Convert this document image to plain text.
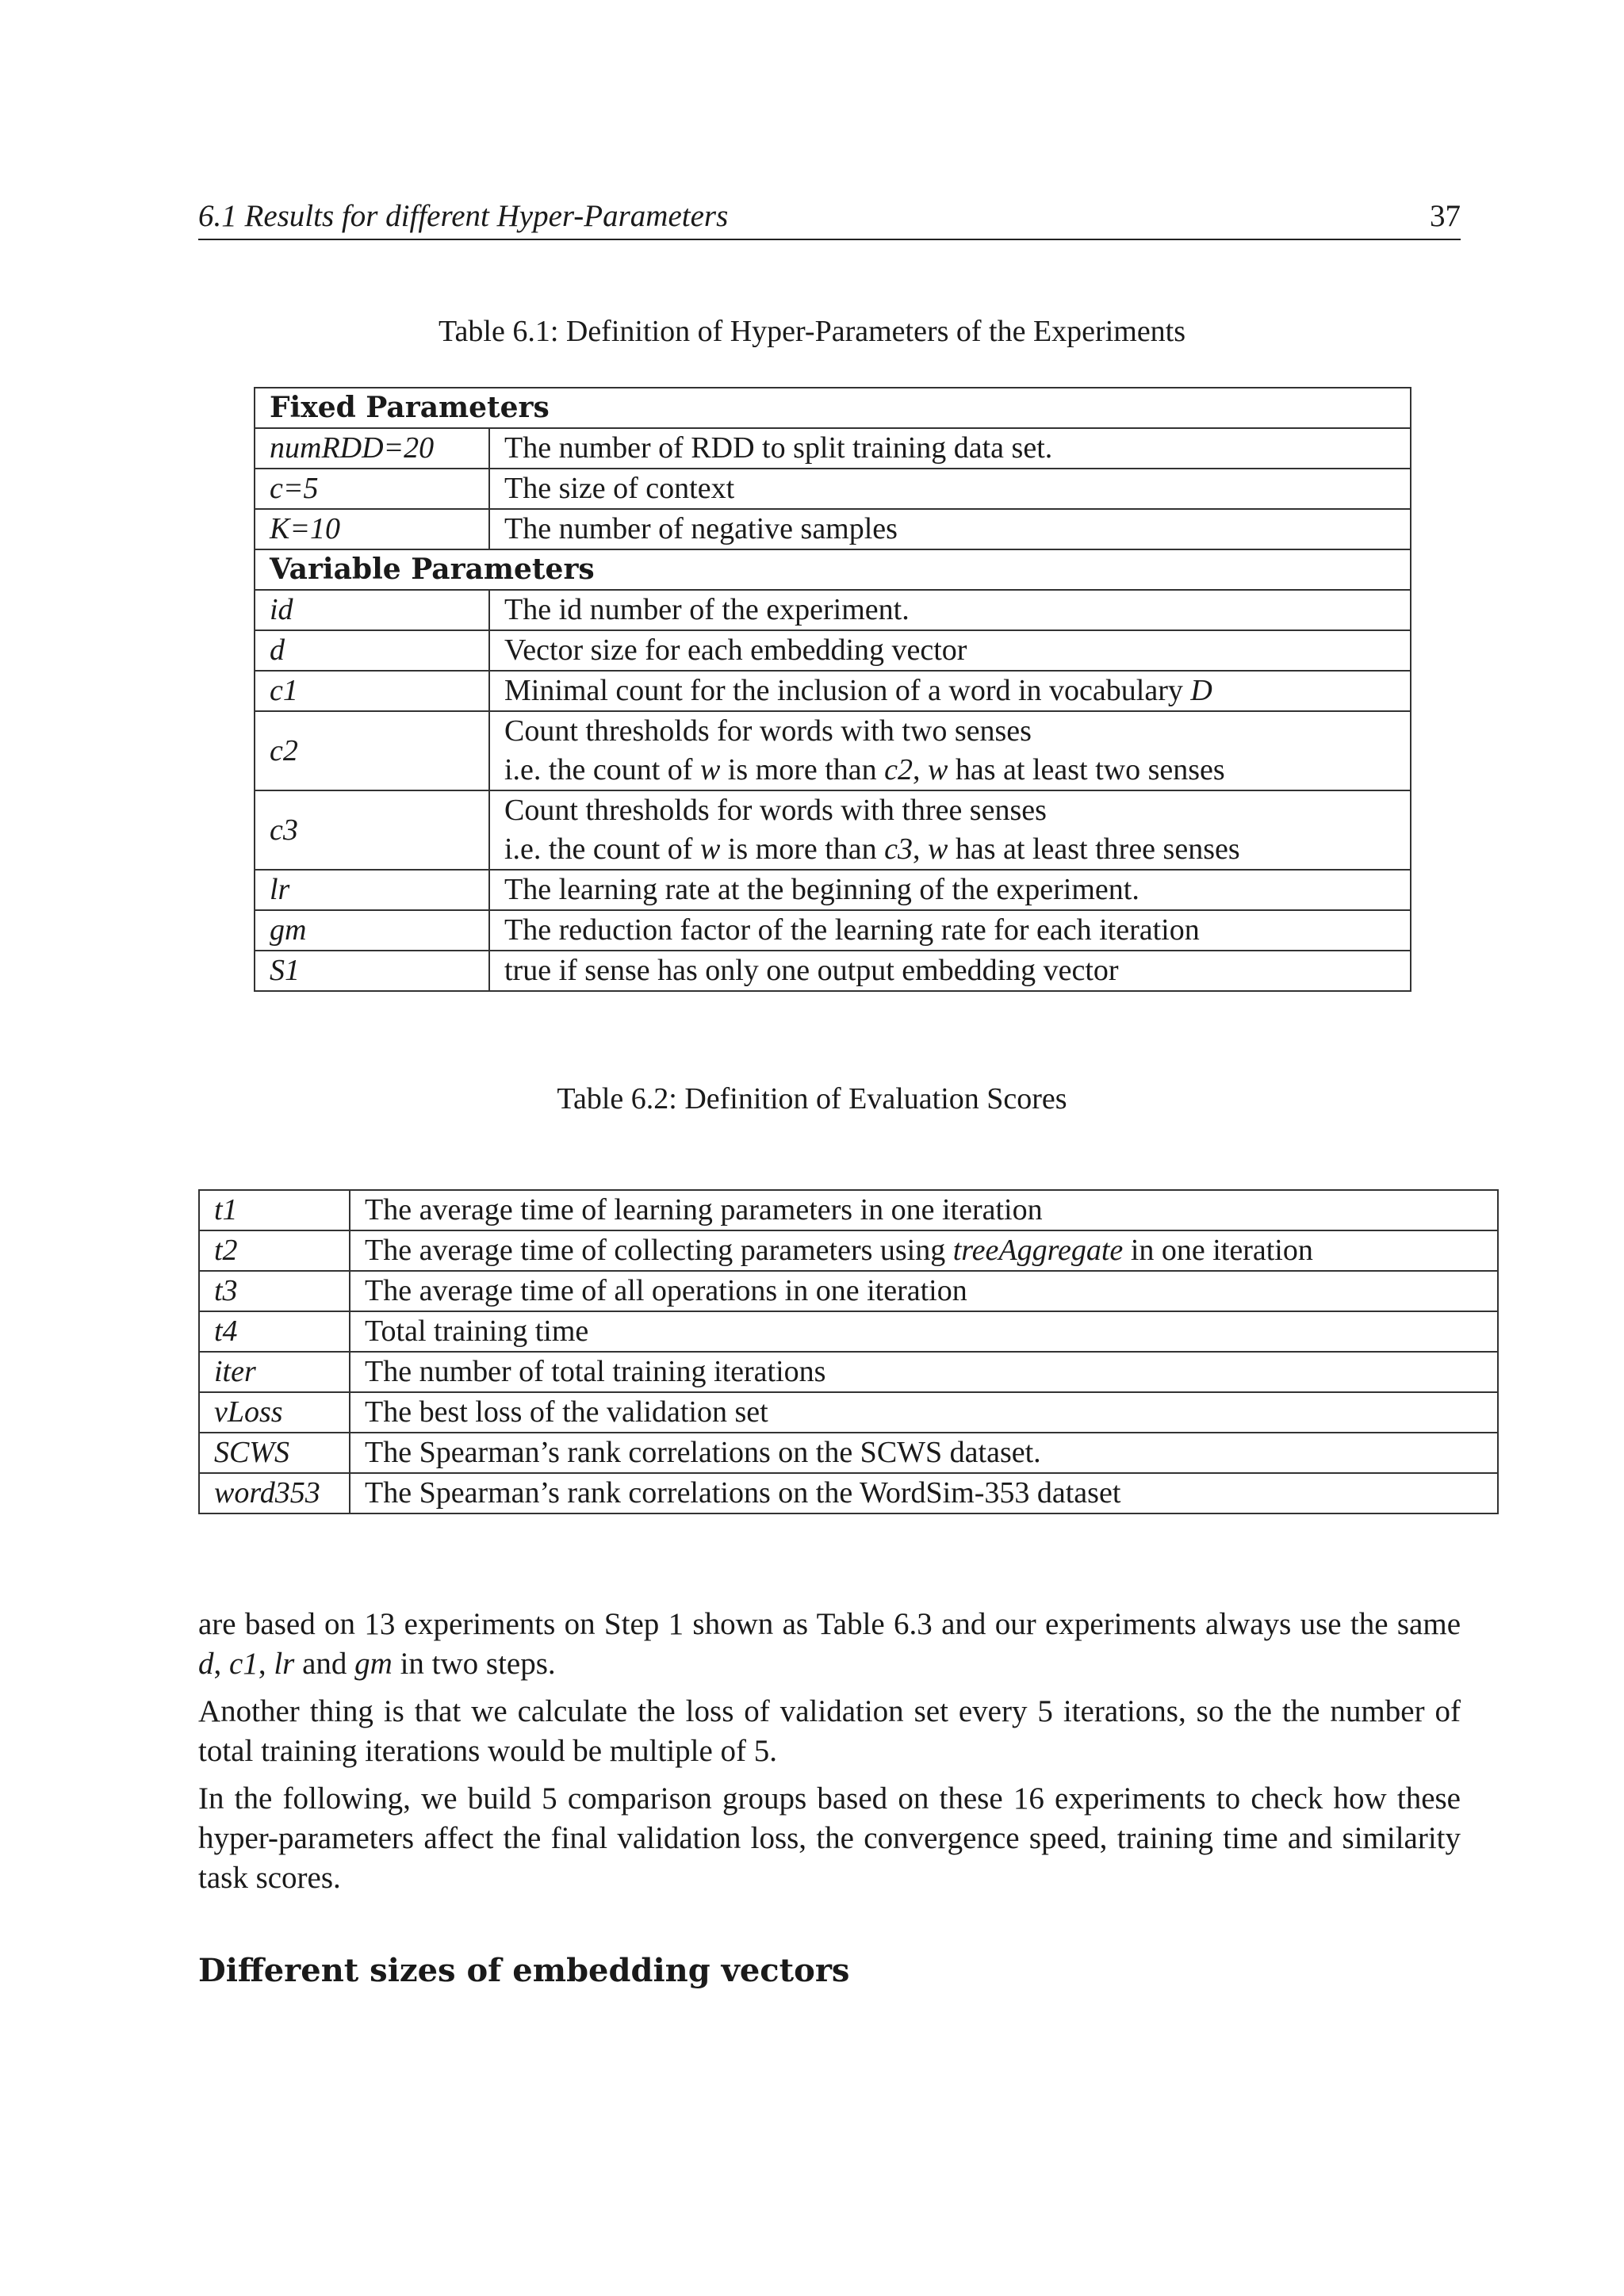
6.1 Results for different Hyper-Parameters	37
Table 6.1: Definition of Hyper-Parameters of the Experiments
Fixed Parameters	
numRDD=20	The number of RDD to split training data set.
c=5	The size of context
K=10	The number of negative samples
Variable Parameters	
id	The id number of the experiment.
d	Vector size for each embedding vector
c1	Minimal count for the inclusion of a word in vocabulary D
c2	Count thresholds for words with two senses
i.e. the count of w is more than c2, w has at least two senses

c3	Count thresholds for words with three senses
i.e. the count of w is more than c3, w has at least three senses

lr	The learning rate at the beginning of the experiment.
gm	The reduction factor of the learning rate for each iteration
S1	true if sense has only one output embedding vector
Table 6.2: Definition of Evaluation Scores
t1	The average time of learning parameters in one iteration
t2	The average time of collecting parameters using treeAggregate in one iteration
t3	The average time of all operations in one iteration
t4	Total training time
iter	The number of total training iterations
vLoss	The best loss of the validation set
SCWS	The Spearman’s rank correlations on the SCWS dataset.
word353	The Spearman’s rank correlations on the WordSim-353 dataset

are based on 13 experiments on Step 1 shown as Table 6.3 and our experiments always use the same d, c1, lr and gm in two steps.

Another thing is that we calculate the loss of validation set every 5 iterations, so the the number of total training iterations would be multiple of 5.

In the following, we build 5 comparison groups based on these 16 experiments to check how these hyper-parameters affect the final validation loss, the convergence speed, training time and similarity task scores.

Different sizes of embedding vectors
